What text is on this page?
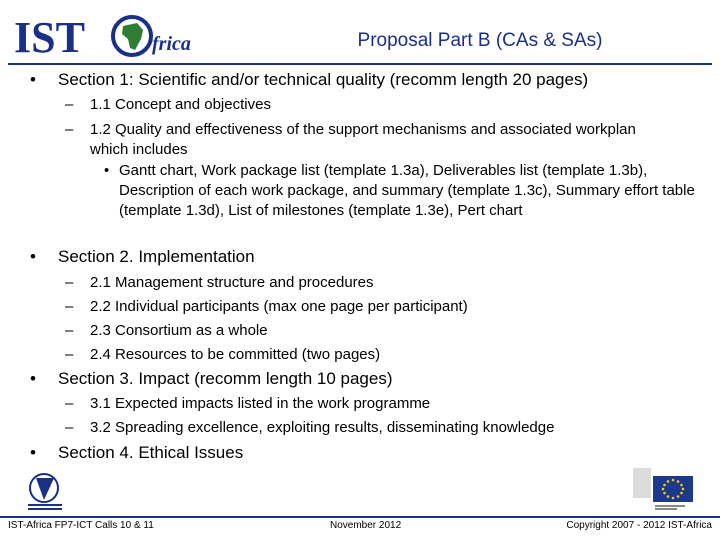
IST	frica	Proposal Part B (CAs & SAs)
• Section 1: Scientific and/or technical quality (recomm length 20 pages)
– 1.1 Concept and objectives
– 1.2 Quality and effectiveness of the support mechanisms and associated workplan which includes
• Gantt chart, Work package list (template 1.3a), Deliverables list (template 1.3b), Description of each work package, and summary (template 1.3c), Summary effort table (template 1.3d), List of milestones (template 1.3e), Pert chart
• Section 2. Implementation
– 2.1 Management structure and procedures
– 2.2 Individual participants (max one page per participant)
– 2.3 Consortium as a whole
– 2.4 Resources to be committed (two pages)
• Section 3. Impact (recomm length 10 pages)
– 3.1 Expected impacts listed in the work programme
– 3.2 Spreading excellence, exploiting results, disseminating knowledge
• Section 4. Ethical Issues
IST-Africa FP7-ICT Calls 10 & 11	November 2012	Copyright 2007 - 2012 IST-Africa
